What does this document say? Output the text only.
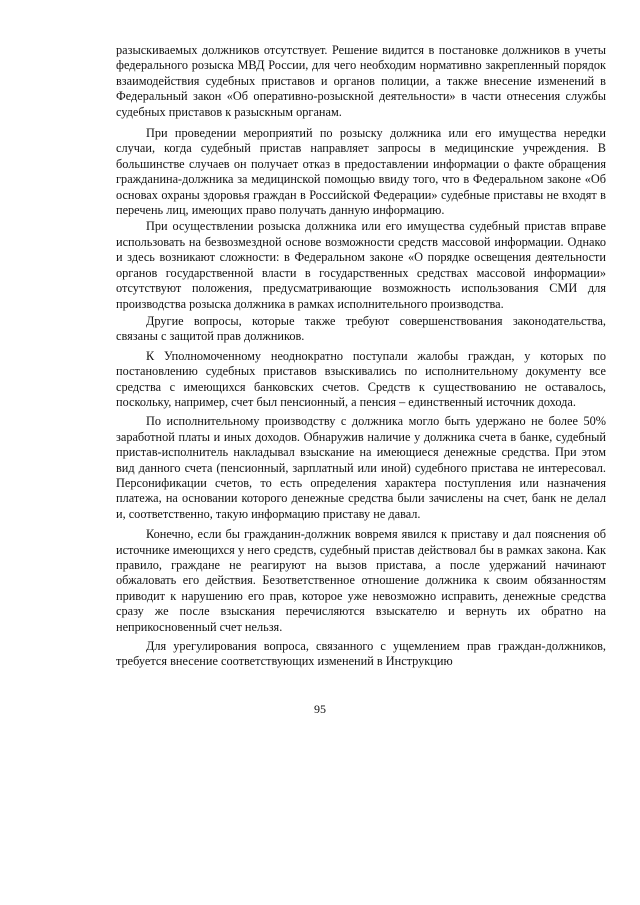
разыскиваемых должников отсутствует. Решение видится в постановке должников в учеты федерального розыска МВД России, для чего необходим нормативно закрепленный порядок взаимодействия судебных приставов и органов полиции, а также внесение изменений в Федеральный закон «Об оперативно-розыскной деятельности» в части отнесения службы судебных приставов к разыскным органам.

При проведении мероприятий по розыску должника или его имущества нередки случаи, когда судебный пристав направляет запросы в медицинские учреждения. В большинстве случаев он получает отказ в предоставлении информации о факте обращения гражданина-должника за медицинской помощью ввиду того, что в Федеральном законе «Об основах охраны здоровья граждан в Российской Федерации» судебные приставы не входят в перечень лиц, имеющих право получать данную информацию.

При осуществлении розыска должника или его имущества судебный пристав вправе использовать на безвозмездной основе возможности средств массовой информации. Однако и здесь возникают сложности: в Федеральном законе «О порядке освещения деятельности органов государственной власти в государственных средствах массовой информации» отсутствуют положения, предусматривающие возможность использования СМИ для производства розыска должника в рамках исполнительного производства.

Другие вопросы, которые также требуют совершенствования законодательства, связаны с защитой прав должников.

К Уполномоченному неоднократно поступали жалобы граждан, у которых по постановлению судебных приставов взыскивались по исполнительному документу все средства с имеющихся банковских счетов. Средств к существованию не оставалось, поскольку, например, счет был пенсионный, а пенсия – единственный источник дохода.

По исполнительному производству с должника могло быть удержано не более 50% заработной платы и иных доходов. Обнаружив наличие у должника счета в банке, судебный пристав-исполнитель накладывал взыскание на имеющиеся денежные средства. При этом вид данного счета (пенсионный, зарплатный или иной) судебного пристава не интересовал. Персонификации счетов, то есть определения характера поступления или назначения платежа, на основании которого денежные средства были зачислены на счет, банк не делал и, соответственно, такую информацию приставу не давал.

Конечно, если бы гражданин-должник вовремя явился к приставу и дал пояснения об источнике имеющихся у него средств, судебный пристав действовал бы в рамках закона. Как правило, граждане не реагируют на вызов пристава, а после удержаний начинают обжаловать его действия. Безответственное отношение должника к своим обязанностям приводит к нарушению его прав, которое уже невозможно исправить, денежные средства сразу же после взыскания перечисляются взыскателю и вернуть их обратно на неприкосновенный счет нельзя.

Для урегулирования вопроса, связанного с ущемлением прав граждан-должников, требуется внесение соответствующих изменений в Инструкцию

95
